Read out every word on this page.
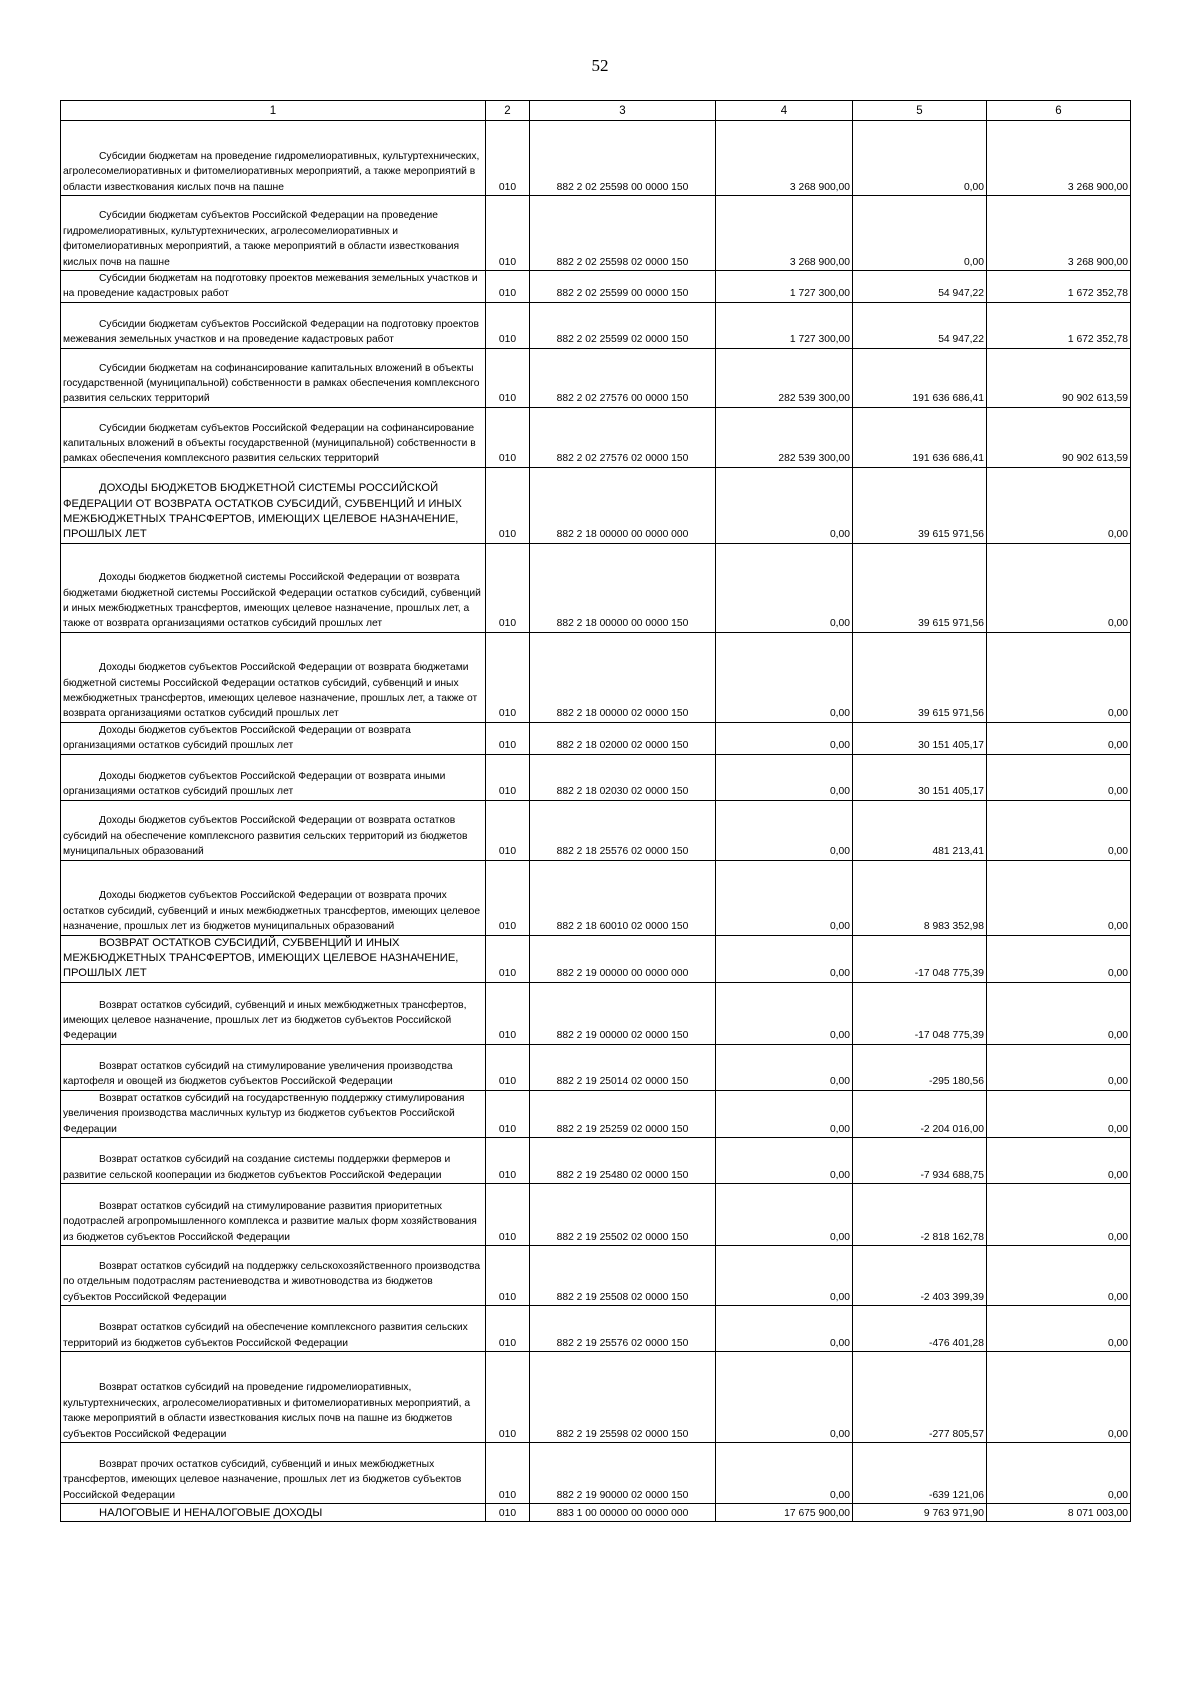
52
1	2	3	4	5	6
Субсидии бюджетам на проведение гидромелиоративных, культуртехнических, агролесомелиоративных и фитомелиоративных мероприятий, а также мероприятий в области известкования кислых почв на пашне	010	882 2 02 25598 00 0000 150	3 268 900,00	0,00	3 268 900,00
Субсидии бюджетам субъектов Российской Федерации на проведение гидромелиоративных, культуртехнических, агролесомелиоративных и фитомелиоративных мероприятий, а также мероприятий в области известкования кислых почв на пашне	010	882 2 02 25598 02 0000 150	3 268 900,00	0,00	3 268 900,00
Субсидии бюджетам на подготовку проектов межевания земельных участков и на проведение кадастровых работ	010	882 2 02 25599 00 0000 150	1 727 300,00	54 947,22	1 672 352,78
Субсидии бюджетам субъектов Российской Федерации на подготовку проектов межевания земельных участков и на проведение кадастровых работ	010	882 2 02 25599 02 0000 150	1 727 300,00	54 947,22	1 672 352,78
Субсидии бюджетам на софинансирование капитальных вложений в объекты государственной (муниципальной) собственности в рамках обеспечения комплексного развития сельских территорий	010	882 2 02 27576 00 0000 150	282 539 300,00	191 636 686,41	90 902 613,59
Субсидии бюджетам субъектов Российской Федерации на софинансирование капитальных вложений в объекты государственной (муниципальной) собственности в рамках обеспечения комплексного развития сельских территорий	010	882 2 02 27576 02 0000 150	282 539 300,00	191 636 686,41	90 902 613,59
ДОХОДЫ БЮДЖЕТОВ БЮДЖЕТНОЙ СИСТЕМЫ РОССИЙСКОЙ ФЕДЕРАЦИИ ОТ ВОЗВРАТА ОСТАТКОВ СУБСИДИЙ, СУБВЕНЦИЙ И ИНЫХ МЕЖБЮДЖЕТНЫХ ТРАНСФЕРТОВ, ИМЕЮЩИХ ЦЕЛЕВОЕ НАЗНАЧЕНИЕ, ПРОШЛЫХ ЛЕТ	010	882 2 18 00000 00 0000 000	0,00	39 615 971,56	0,00
Доходы бюджетов бюджетной системы Российской Федерации от возврата бюджетами бюджетной системы Российской Федерации остатков субсидий, субвенций и иных межбюджетных трансфертов, имеющих целевое назначение, прошлых лет, а также от возврата организациями остатков субсидий прошлых лет	010	882 2 18 00000 00 0000 150	0,00	39 615 971,56	0,00
Доходы бюджетов субъектов Российской Федерации от возврата бюджетами бюджетной системы Российской Федерации остатков субсидий, субвенций и иных межбюджетных трансфертов, имеющих целевое назначение, прошлых лет, а также от возврата организациями остатков субсидий прошлых лет	010	882 2 18 00000 02 0000 150	0,00	39 615 971,56	0,00
Доходы бюджетов субъектов Российской Федерации от возврата организациями остатков субсидий прошлых лет	010	882 2 18 02000 02 0000 150	0,00	30 151 405,17	0,00
Доходы бюджетов субъектов Российской Федерации от возврата иными организациями остатков субсидий прошлых лет	010	882 2 18 02030 02 0000 150	0,00	30 151 405,17	0,00
Доходы бюджетов субъектов Российской Федерации от возврата остатков субсидий на обеспечение комплексного развития сельских территорий из бюджетов муниципальных образований	010	882 2 18 25576 02 0000 150	0,00	481 213,41	0,00
Доходы бюджетов субъектов Российской Федерации от возврата прочих остатков субсидий, субвенций и иных межбюджетных трансфертов, имеющих целевое назначение, прошлых лет из бюджетов муниципальных образований	010	882 2 18 60010 02 0000 150	0,00	8 983 352,98	0,00
ВОЗВРАТ ОСТАТКОВ СУБСИДИЙ, СУБВЕНЦИЙ И ИНЫХ МЕЖБЮДЖЕТНЫХ ТРАНСФЕРТОВ, ИМЕЮЩИХ ЦЕЛЕВОЕ НАЗНАЧЕНИЕ, ПРОШЛЫХ ЛЕТ	010	882 2 19 00000 00 0000 000	0,00	-17 048 775,39	0,00
Возврат остатков субсидий, субвенций и иных межбюджетных трансфертов, имеющих целевое назначение, прошлых лет из бюджетов субъектов Российской Федерации	010	882 2 19 00000 02 0000 150	0,00	-17 048 775,39	0,00
Возврат остатков субсидий на стимулирование увеличения производства картофеля и овощей из бюджетов субъектов Российской Федерации	010	882 2 19 25014 02 0000 150	0,00	-295 180,56	0,00
Возврат остатков субсидий на государственную поддержку стимулирования увеличения производства масличных культур из бюджетов субъектов Российской Федерации	010	882 2 19 25259 02 0000 150	0,00	-2 204 016,00	0,00
Возврат остатков субсидий на создание системы поддержки фермеров и развитие сельской кооперации из бюджетов субъектов Российской Федерации	010	882 2 19 25480 02 0000 150	0,00	-7 934 688,75	0,00
Возврат остатков субсидий на стимулирование развития приоритетных подотраслей агропромышленного комплекса и развитие малых форм хозяйствования из бюджетов субъектов Российской Федерации	010	882 2 19 25502 02 0000 150	0,00	-2 818 162,78	0,00
Возврат остатков субсидий на поддержку сельскохозяйственного производства по отдельным подотраслям растениеводства и животноводства из бюджетов субъектов Российской Федерации	010	882 2 19 25508 02 0000 150	0,00	-2 403 399,39	0,00
Возврат остатков субсидий на обеспечение комплексного развития сельских территорий из бюджетов субъектов Российской Федерации	010	882 2 19 25576 02 0000 150	0,00	-476 401,28	0,00
Возврат остатков субсидий на проведение гидромелиоративных, культуртехнических, агролесомелиоративных и фитомелиоративных мероприятий, а также мероприятий в области известкования кислых почв на пашне из бюджетов субъектов Российской Федерации	010	882 2 19 25598 02 0000 150	0,00	-277 805,57	0,00
Возврат прочих остатков субсидий, субвенций и иных межбюджетных трансфертов, имеющих целевое назначение, прошлых лет из бюджетов субъектов Российской Федерации	010	882 2 19 90000 02 0000 150	0,00	-639 121,06	0,00
НАЛОГОВЫЕ И НЕНАЛОГОВЫЕ ДОХОДЫ	010	883 1 00 00000 00 0000 000	17 675 900,00	9 763 971,90	8 071 003,00
